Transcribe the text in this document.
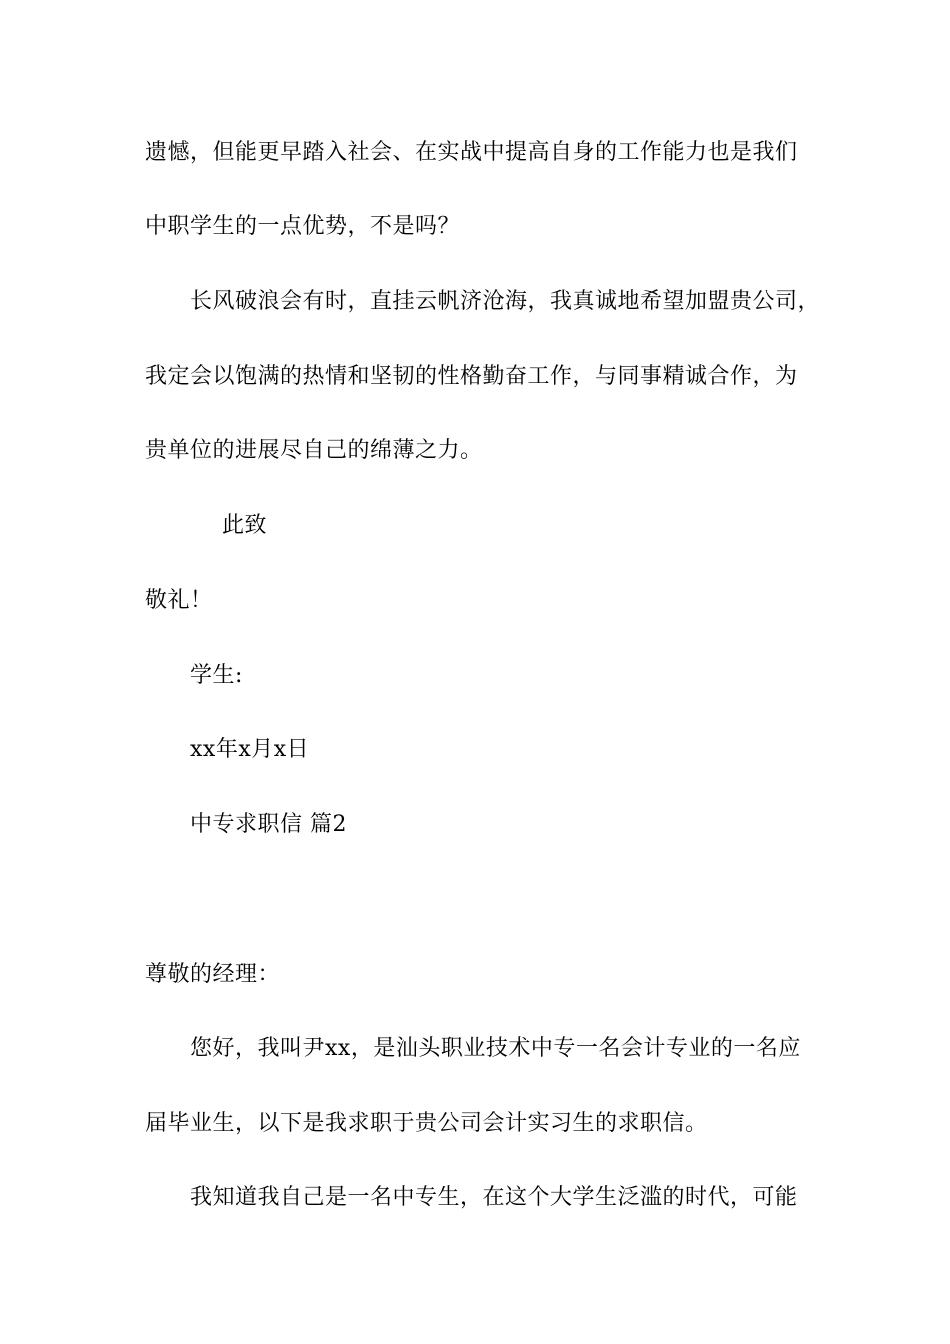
遗憾，但能更早踏入社会、在实战中提高自身的工作能力也是我们
中职学生的一点优势，不是吗？
长风破浪会有时，直挂云帆济沧海，我真诚地希望加盟贵公司，
我定会以饱满的热情和坚韧的性格勤奋工作，与同事精诚合作，为
贵单位的进展尽自己的绵薄之力。
此致
敬礼！
学生:
xx年x月x日
中专求职信 篇2
尊敬的经理：
您好，我叫尹xx，是汕头职业技术中专一名会计专业的一名应
届毕业生，以下是我求职于贵公司会计实习生的求职信。
我知道我自己是一名中专生，在这个大学生泛滥的时代，可能
